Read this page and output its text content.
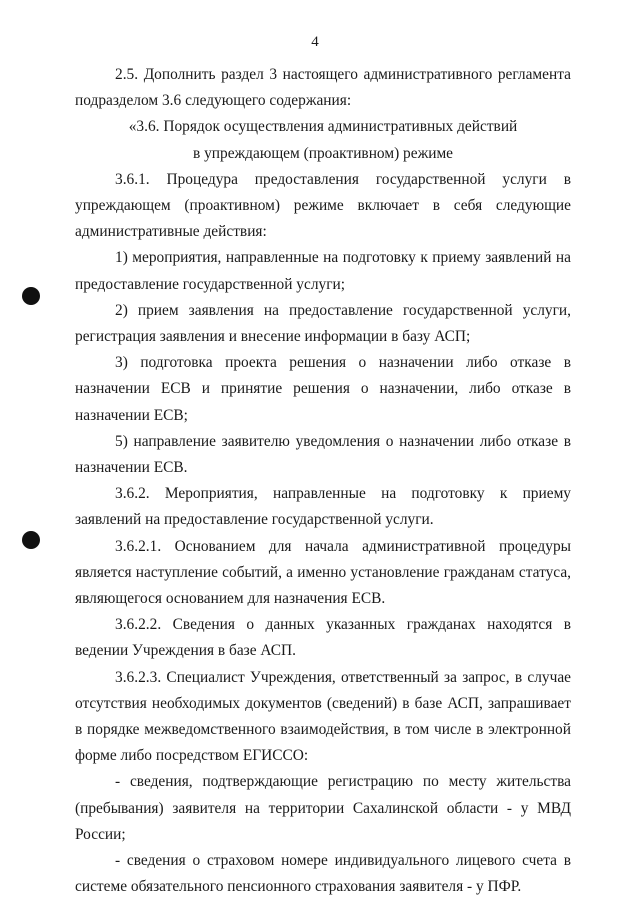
4

2.5. Дополнить раздел 3 настоящего административного регламента подразделом 3.6 следующего содержания:

«3.6. Порядок осуществления административных действий
в упреждающем (проактивном) режиме

3.6.1. Процедура предоставления государственной услуги в упреждающем (проактивном) режиме включает в себя следующие административные действия:

1) мероприятия, направленные на подготовку к приему заявлений на предоставление государственной услуги;

2) прием заявления на предоставление государственной услуги, регистрация заявления и внесение информации в базу АСП;

3) подготовка проекта решения о назначении либо отказе в назначении ЕСВ и принятие решения о назначении, либо отказе в назначении ЕСВ;

5) направление заявителю уведомления о назначении либо отказе в назначении ЕСВ.

3.6.2. Мероприятия, направленные на подготовку к приему заявлений на предоставление государственной услуги.

3.6.2.1. Основанием для начала административной процедуры является наступление событий, а именно установление гражданам статуса, являющегося основанием для назначения ЕСВ.

3.6.2.2. Сведения о данных указанных гражданах находятся в ведении Учреждения в базе АСП.

3.6.2.3. Специалист Учреждения, ответственный за запрос, в случае отсутствия необходимых документов (сведений) в базе АСП, запрашивает в порядке межведомственного взаимодействия, в том числе в электронной форме либо посредством ЕГИССО:

- сведения, подтверждающие регистрацию по месту жительства (пребывания) заявителя на территории Сахалинской области - у МВД России;

- сведения о страховом номере индивидуального лицевого счета в системе обязательного пенсионного страхования заявителя - у ПФР.
